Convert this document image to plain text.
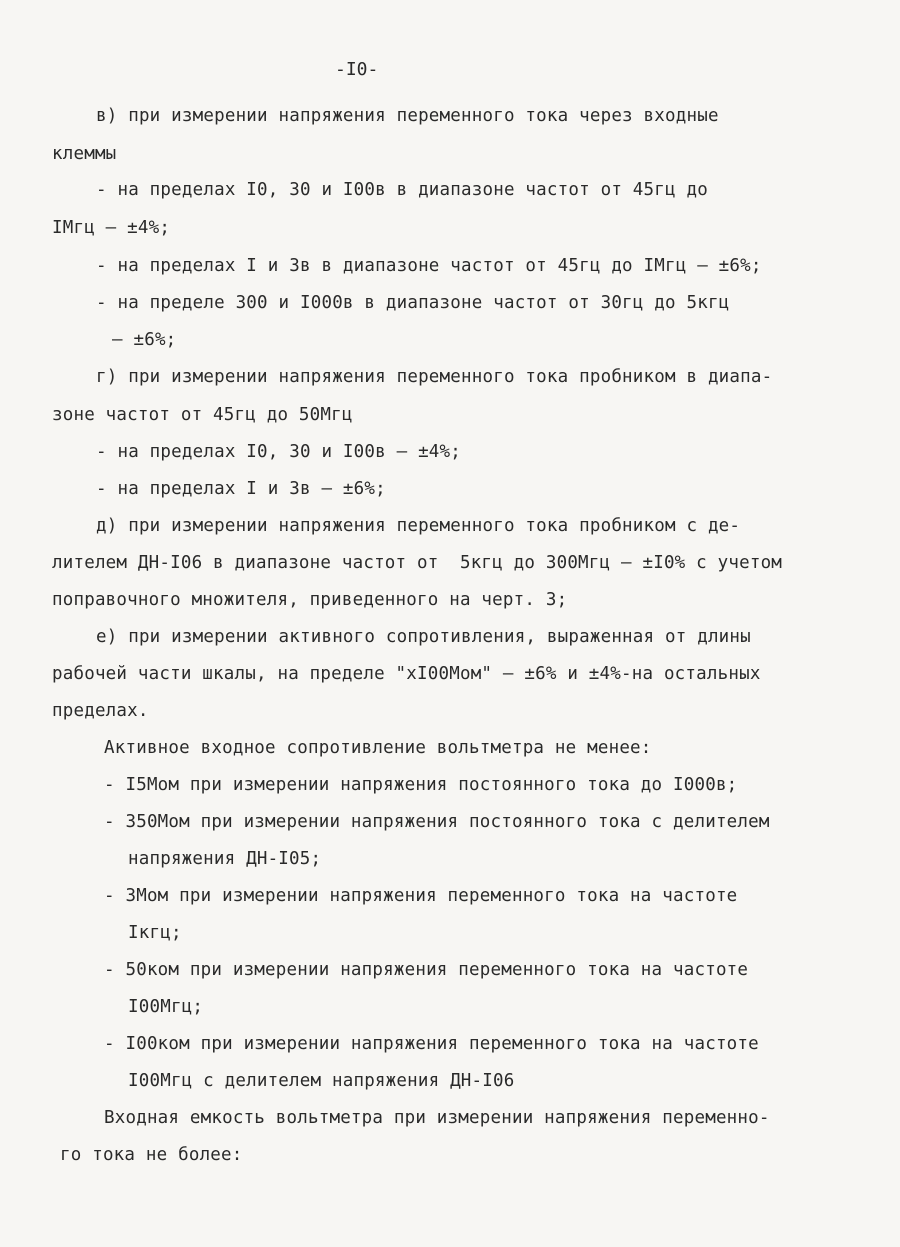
-I0-
в) при измерении напряжения переменного тока через входные
клеммы
- на пределах I0, 30 и I00в в диапазоне частот от 45гц до
IМгц – ±4%;
- на пределах I и 3в в диапазоне частот от 45гц до IМгц – ±6%;
- на пределе 300 и I000в в диапазоне частот от 30гц до 5кгц
– ±6%;
г) при измерении напряжения переменного тока пробником в диапа-
зоне частот от 45гц до 50Мгц
- на пределах I0, 30 и I00в – ±4%;
- на пределах I и 3в – ±6%;
д) при измерении напряжения переменного тока пробником с де-
лителем ДН-I06 в диапазоне частот от  5кгц до 300Мгц – ±I0% с учетом
поправочного множителя, приведенного на черт. 3;
е) при измерении активного сопротивления, выраженная от длины
рабочей части шкалы, на пределе "хI00Мом" – ±6% и ±4%-на остальных
пределах.
Активное входное сопротивление вольтметра не менее:
- I5Мом при измерении напряжения постоянного тока до I000в;
- 350Мом при измерении напряжения постоянного тока с делителем
напряжения ДН-I05;
- 3Мом при измерении напряжения переменного тока на частоте
Iкгц;
- 50ком при измерении напряжения переменного тока на частоте
I00Мгц;
- I00ком при измерении напряжения переменного тока на частоте
I00Мгц с делителем напряжения ДН-I06
Входная емкость вольтметра при измерении напряжения переменно-
го тока не более:
